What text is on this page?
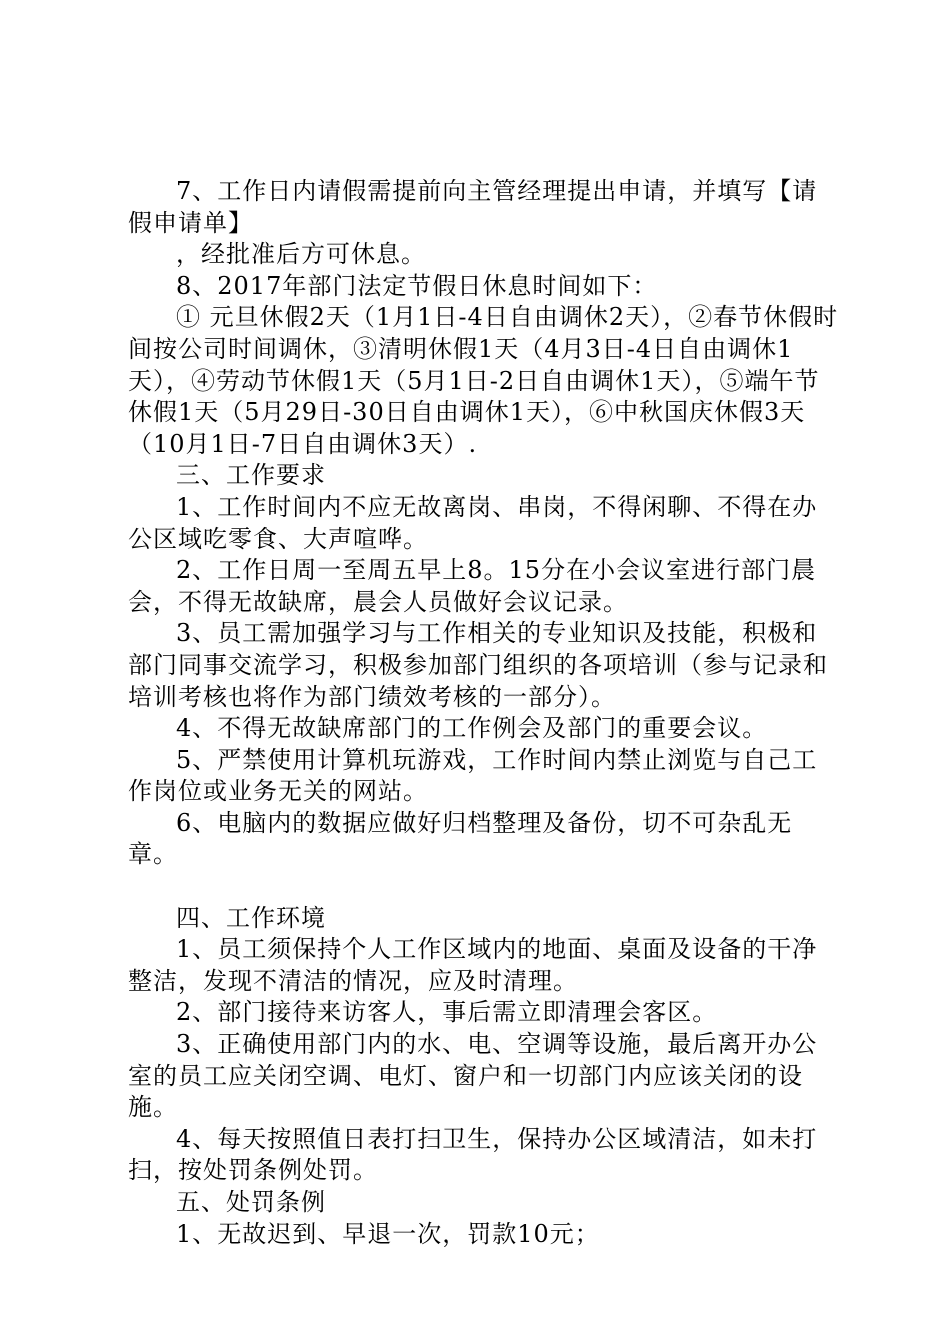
7、工作日内请假需提前向主管经理提出申请，并填写【请假申请单】

，经批准后方可休息。

8、2017年部门法定节假日休息时间如下：

① 元旦休假2天（1月1日-4日自由调休2天），②春节休假时间按公司时间调休，③清明休假1天（4月3日-4日自由调休1天），④劳动节休假1天（5月1日-2日自由调休1天），⑤端午节休假1天（5月29日-30日自由调休1天），⑥中秋国庆休假3天（10月1日-7日自由调休3天）.

三、工作要求

1、工作时间内不应无故离岗、串岗，不得闲聊、不得在办公区域吃零食、大声喧哗。

2、工作日周一至周五早上8。15分在小会议室进行部门晨会，不得无故缺席，晨会人员做好会议记录。

3、员工需加强学习与工作相关的专业知识及技能，积极和部门同事交流学习，积极参加部门组织的各项培训（参与记录和培训考核也将作为部门绩效考核的一部分）。

4、不得无故缺席部门的工作例会及部门的重要会议。

5、严禁使用计算机玩游戏，工作时间内禁止浏览与自己工作岗位或业务无关的网站。

6、电脑内的数据应做好归档整理及备份，切不可杂乱无章。

四、工作环境

1、员工须保持个人工作区域内的地面、桌面及设备的干净整洁，发现不清洁的情况，应及时清理。

2、部门接待来访客人，事后需立即清理会客区。

3、正确使用部门内的水、电、空调等设施，最后离开办公室的员工应关闭空调、电灯、窗户和一切部门内应该关闭的设施。

4、每天按照值日表打扫卫生，保持办公区域清洁，如未打扫，按处罚条例处罚。

五、处罚条例

1、无故迟到、早退一次，罚款10元；
